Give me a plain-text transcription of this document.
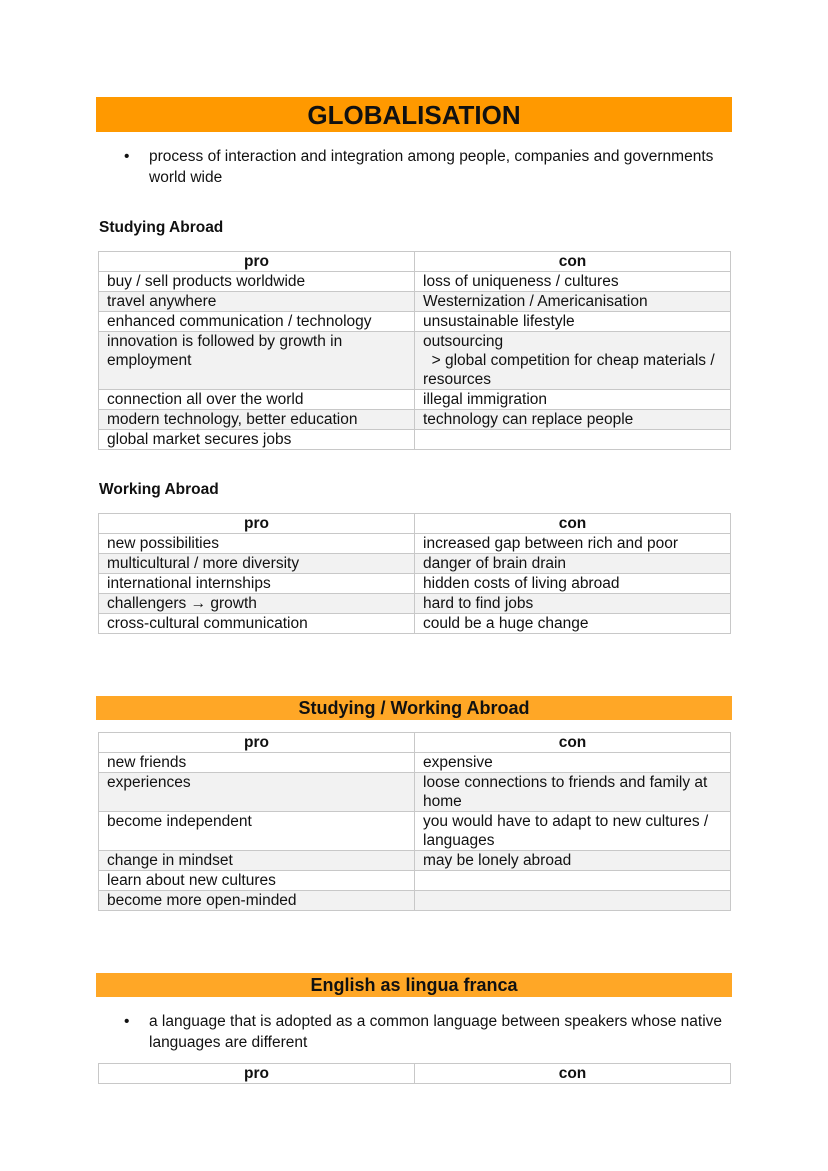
GLOBALISATION
• process of interaction and integration among people, companies and governments world wide
Studying Abroad
pro	con
buy / sell products worldwide	loss of uniqueness / cultures
travel anywhere	Westernization / Americanisation
enhanced communication / technology	unsustainable lifestyle
innovation is followed by growth in employment	outsourcing
> global competition for cheap materials / resources
connection all over the world	illegal immigration
modern technology, better education	technology can replace people
global market secures jobs	
Working Abroad
pro	con
new possibilities	increased gap between rich and poor
multicultural / more diversity	danger of brain drain
international internships	hidden costs of living abroad
challengers → growth	hard to find jobs
cross-cultural communication	could be a huge change
Studying / Working Abroad
pro	con
new friends	expensive
experiences	loose connections to friends and family at home
become independent	you would have to adapt to new cultures / languages
change in mindset	may be lonely abroad
learn about new cultures	
become more open-minded	
English as lingua franca
• a language that is adopted as a common language between speakers whose native languages are different
pro	con
